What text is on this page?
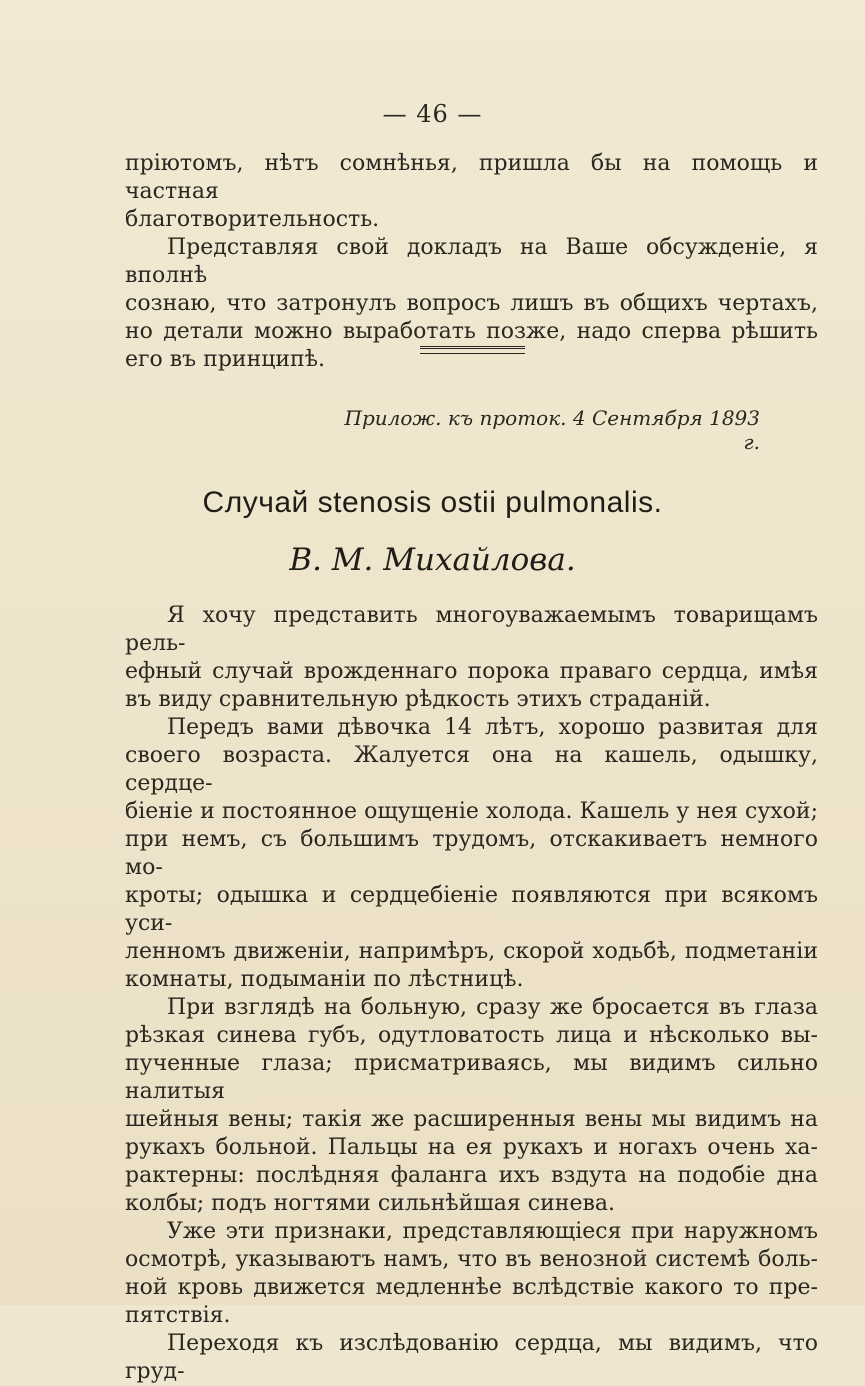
— 46 —

пріютомъ, нѣтъ сомнѣнья, пришла бы на помощь и частная

благотворительность.

Представляя свой докладъ на Ваше обсужденіе, я вполнѣ

сознаю, что затронулъ вопросъ лишъ въ общихъ чертахъ,

но детали можно выработать позже, надо сперва рѣшить

его въ принципѣ.

Прилож. къ проток. 4 Сентября 1893 г.
Случай stenosis ostii pulmonalis.
В. М. Михайлова.

Я хочу представить многоуважаемымъ товарищамъ рель-

ефный случай врожденнаго порока праваго сердца, имѣя

въ виду сравнительную рѣдкость этихъ страданій.

Передъ вами дѣвочка 14 лѣтъ, хорошо развитая для

своего возраста. Жалуется она на кашель, одышку, сердце-

біеніе и постоянное ощущеніе холода. Кашель у нея сухой;

при немъ, съ большимъ трудомъ, отскакиваетъ немного мо-

кроты; одышка и сердцебіеніе появляются при всякомъ уси-

ленномъ движеніи, напримѣръ, скорой ходьбѣ, подметаніи

комнаты, подыманіи по лѣстницѣ.

При взглядѣ на больную, сразу же бросается въ глаза

рѣзкая синева губъ, одутловатость лица и нѣсколько вы-

пученные глаза; присматриваясь, мы видимъ сильно налитыя

шейныя вены; такія же расширенныя вены мы видимъ на

рукахъ больной. Пальцы на ея рукахъ и ногахъ очень ха-

рактерны: послѣдняя фаланга ихъ вздута на подобіе дна

колбы; подъ ногтями сильнѣйшая синева.

Уже эти признаки, представляющіеся при наружномъ

осмотрѣ, указываютъ намъ, что въ венозной системѣ боль-

ной кровь движется медленнѣе вслѣдствіе какого то пре-

пятствія.

Переходя къ изслѣдованію сердца, мы видимъ, что груд-
